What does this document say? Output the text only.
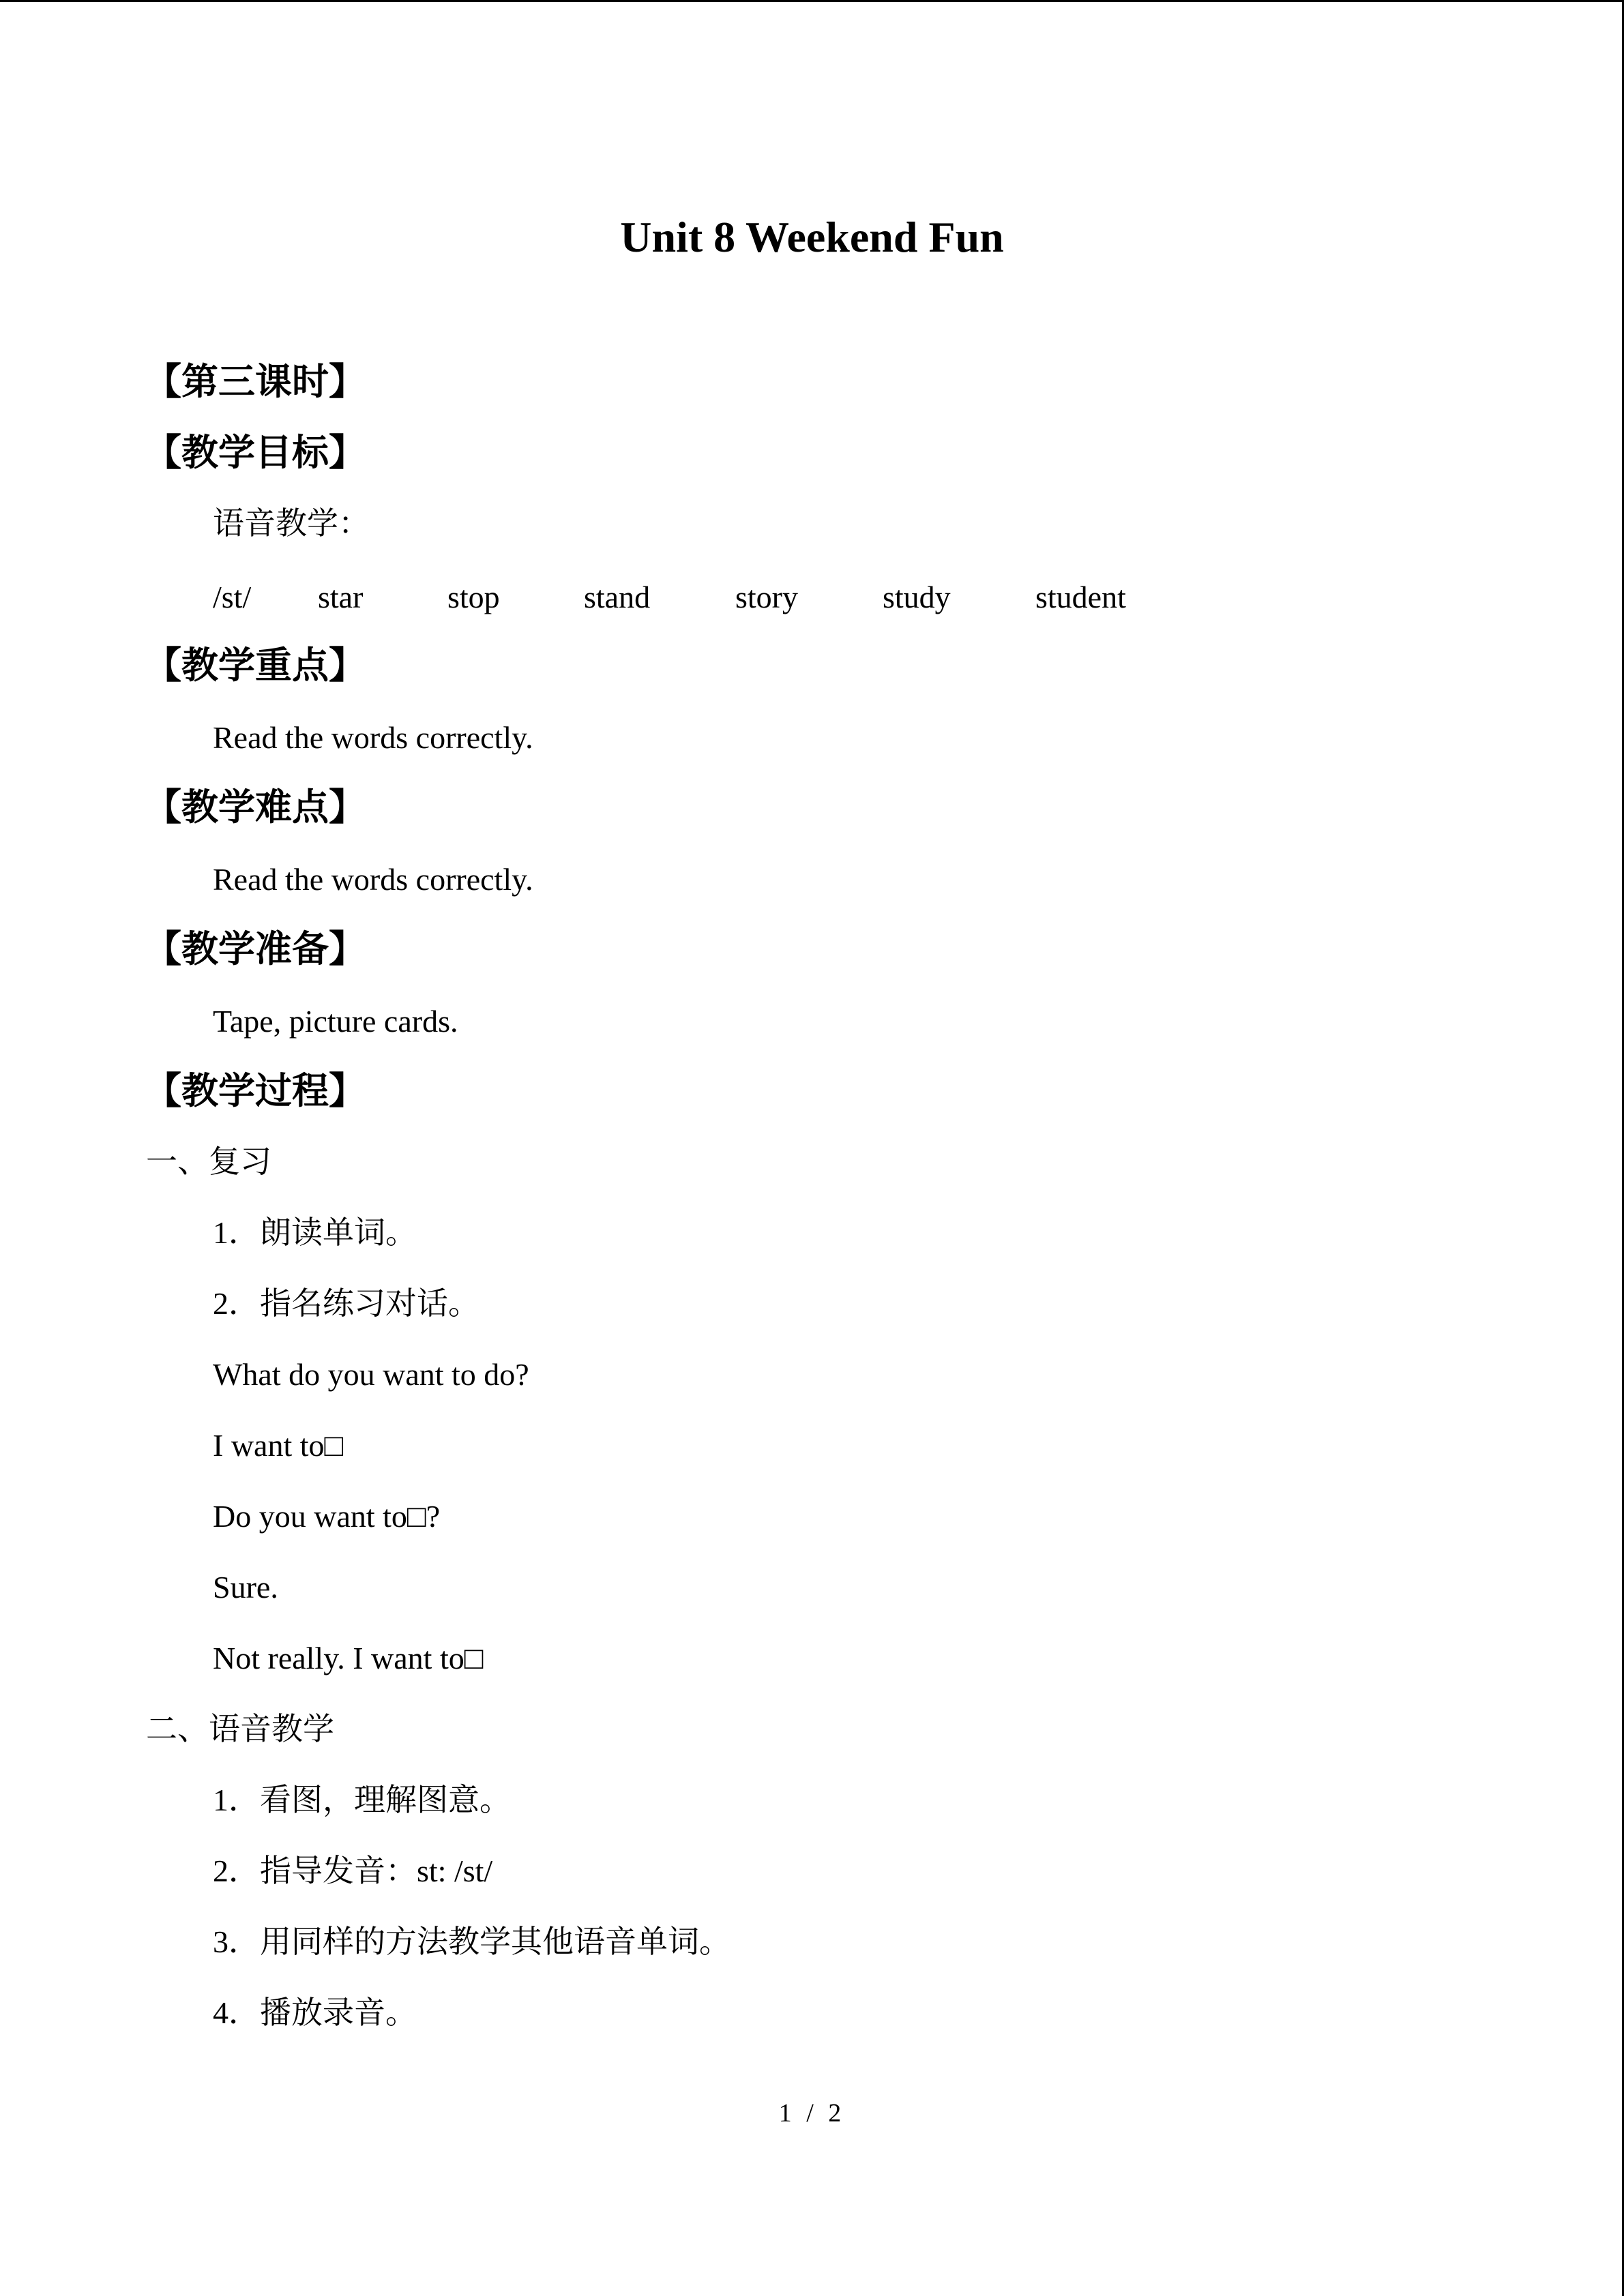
Unit 8 Weekend Fun
【第三课时】
【教学目标】
语音教学：
/st/ star	stop	stand	story	study	student
【教学重点】
Read the words correctly.
【教学难点】
Read the words correctly.
【教学准备】
Tape, picture cards.
【教学过程】
一、复习
1．朗读单词。
2．指名练习对话。
What do you want to do?
I want to□
Do you want to□?
Sure.
Not really. I want to□
二、语音教学
1．看图，理解图意。
2．指导发音：st: /st/
3．用同样的方法教学其他语音单词。
4．播放录音。
1 / 2
